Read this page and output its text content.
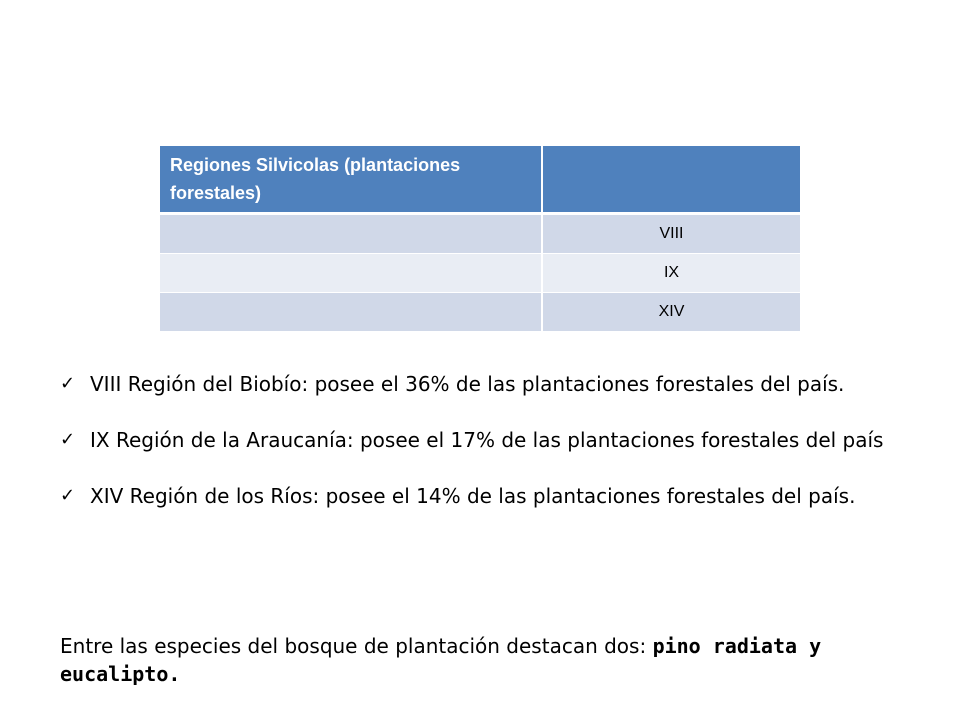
Regiones Silvicolas (plantaciones forestales)	
	VIII
	IX
	XIV
✓ VIII Región del Biobío: posee el 36% de las plantaciones forestales del país.
✓ IX Región de la Araucanía: posee el 17% de las plantaciones forestales del país
✓ XIV Región de los Ríos: posee el 14% de las plantaciones forestales del país.

Entre las especies del bosque de plantación destacan dos: pino radiata y eucalipto.
